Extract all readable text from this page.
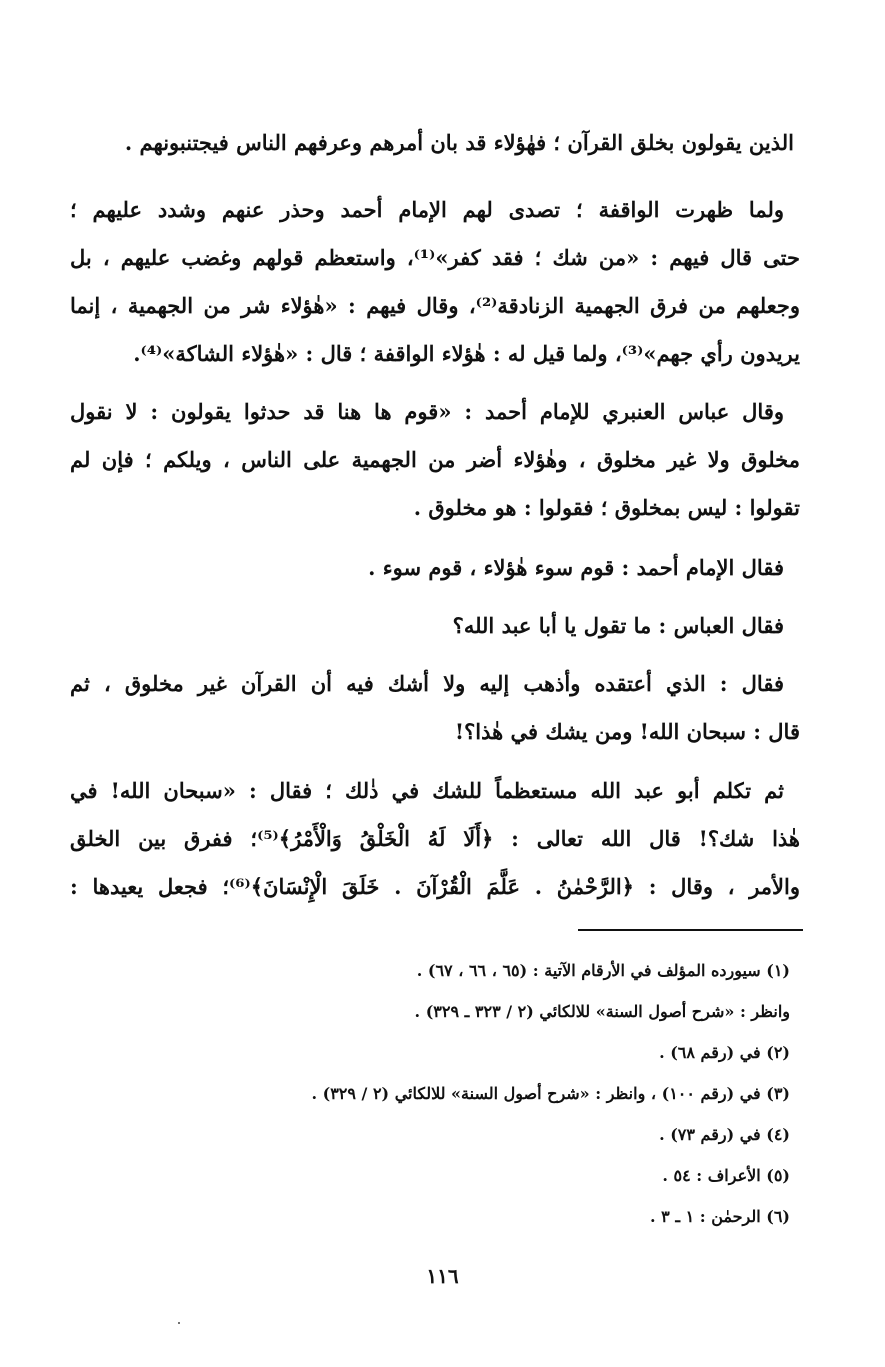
الذين يقولون بخلق القرآن ؛ فهٰؤلاء قد بان أمرهم وعرفهم الناس فيجتنبونهم .
ولما ظهرت الواقفة ؛ تصدى لهم الإمام أحمد وحذر عنهم وشدد عليهم ؛
حتى قال فيهم : «من شك ؛ فقد كفر»⁽¹⁾، واستعظم قولهم وغضب عليهم ، بل
وجعلهم من فرق الجهمية الزنادقة⁽²⁾، وقال فيهم : «هٰؤلاء شر من الجهمية ، إنما
يريدون رأي جهم»⁽³⁾، ولما قيل له : هٰؤلاء الواقفة ؛ قال : «هٰؤلاء الشاكة»⁽⁴⁾.
وقال عباس العنبري للإمام أحمد : «قوم ها هنا قد حدثوا يقولون : لا نقول
مخلوق ولا غير مخلوق ، وهٰؤلاء أضر من الجهمية على الناس ، ويلكم ؛ فإن لم
تقولوا : ليس بمخلوق ؛ فقولوا : هو مخلوق .
فقال الإمام أحمد : قوم سوء هٰؤلاء ، قوم سوء .
فقال العباس : ما تقول يا أبا عبد الله؟
فقال : الذي أعتقده وأذهب إليه ولا أشك فيه أن القرآن غير مخلوق ، ثم
قال : سبحان الله! ومن يشك في هٰذا؟!
ثم تكلم أبو عبد الله مستعظماً للشك في ذٰلك ؛ فقال : «سبحان الله! في
هٰذا شك؟! قال الله تعالى : ﴿أَلَا لَهُ الْخَلْقُ وَالْأَمْرُ﴾⁽⁵⁾؛ ففرق بين الخلق
والأمر ، وقال : ﴿الرَّحْمٰنُ . عَلَّمَ الْقُرْآنَ . خَلَقَ الْإِنْسَانَ﴾⁽⁶⁾؛ فجعل يعيدها :
(١) سيورده المؤلف في الأرقام الآتية : (٦٥ ، ٦٦ ، ٦٧) .
وانظر : «شرح أصول السنة» للالكائي (٢ / ٣٢٣ ـ ٣٢٩) .
(٢) في (رقم ٦٨) .
(٣) في (رقم ١٠٠) ، وانظر : «شرح أصول السنة» للالكائي (٢ / ٣٢٩) .
(٤) في (رقم ٧٣) .
(٥) الأعراف : ٥٤ .
(٦) الرحمٰن : ١ ـ ٣ .
١١٦
